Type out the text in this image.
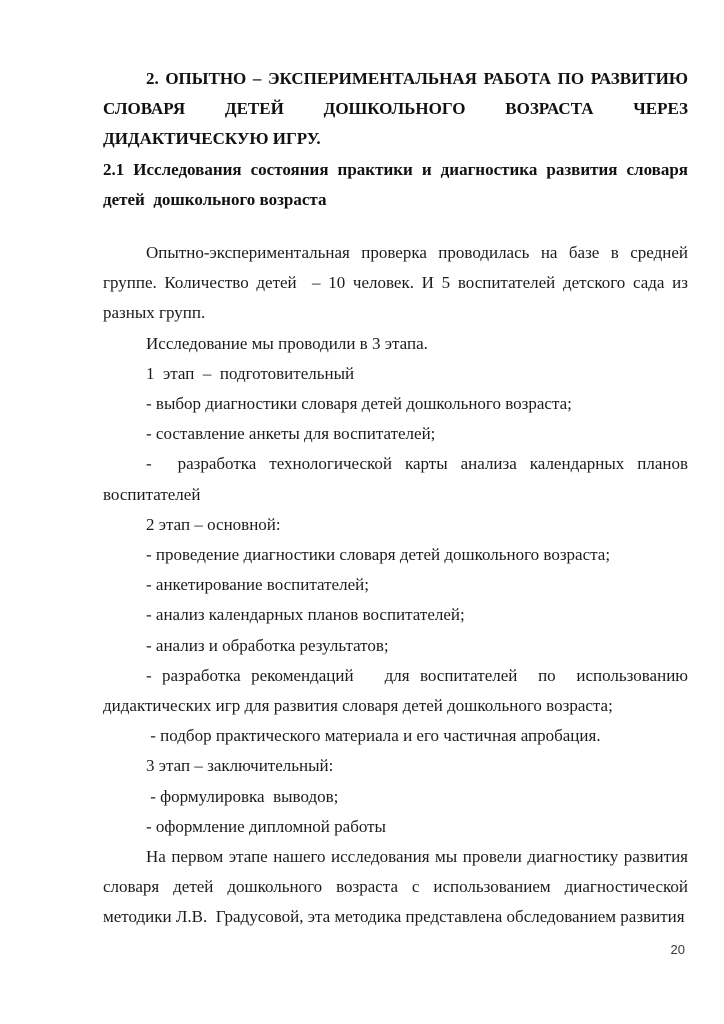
2. ОПЫТНО – ЭКСПЕРИМЕНТАЛЬНАЯ РАБОТА ПО РАЗВИТИЮ СЛОВАРЯ ДЕТЕЙ ДОШКОЛЬНОГО ВОЗРАСТА ЧЕРЕЗ ДИДАКТИЧЕСКУЮ ИГРУ.

2.1 Исследования состояния практики и диагностика развития словаря детей  дошкольного возраста

Опытно-экспериментальная проверка проводилась на базе в средней группе. Количество детей  – 10 человек. И 5 воспитателей детского сада из разных групп.

Исследование мы проводили в 3 этапа.

1  этап  –  подготовительный

- выбор диагностики словаря детей дошкольного возраста;

- составление анкеты для воспитателей;

-  разработка технологической карты анализа календарных планов воспитателей

2 этап – основной:

- проведение диагностики словаря детей дошкольного возраста;

- анкетирование воспитателей;

- анализ календарных планов воспитателей;

- анализ и обработка результатов;

- разработка рекомендаций   для воспитателей  по  использованию дидактических игр для развития словаря детей дошкольного возраста;

- подбор практического материала и его частичная апробация.

3 этап – заключительный:

- формулировка  выводов;

- оформление дипломной работы

На первом этапе нашего исследования мы провели диагностику развития словаря детей дошкольного возраста с использованием диагностической методики Л.В.  Градусовой, эта методика представлена обследованием развития

20
